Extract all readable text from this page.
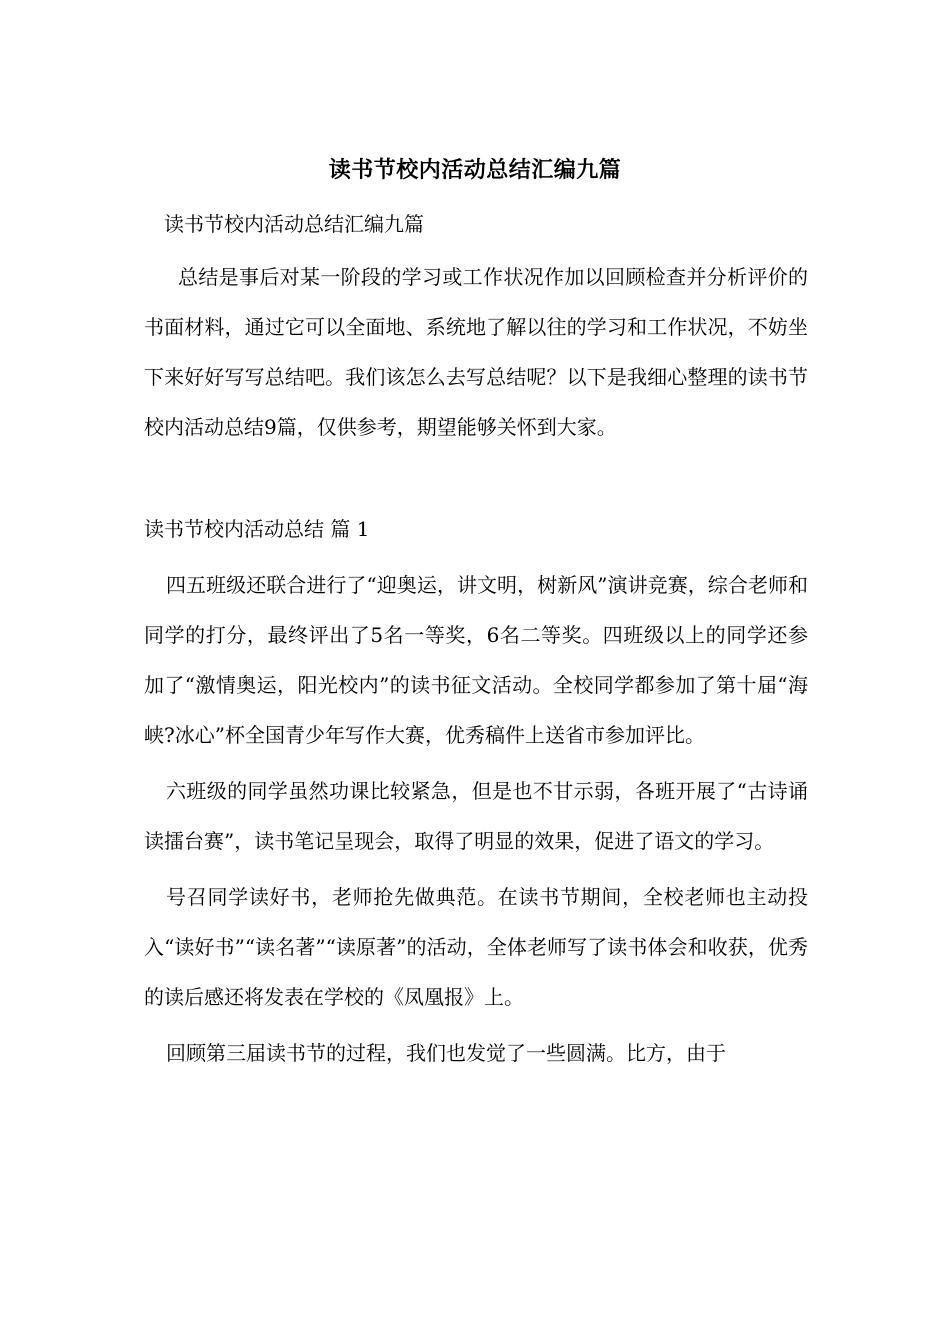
读书节校内活动总结汇编九篇

读书节校内活动总结汇编九篇

总结是事后对某一阶段的学习或工作状况作加以回顾检查并分析评价的书面材料，通过它可以全面地、系统地了解以往的学习和工作状况，不妨坐下来好好写写总结吧。我们该怎么去写总结呢？以下是我细心整理的读书节校内活动总结9篇，仅供参考，期望能够关怀到大家。

读书节校内活动总结 篇 1

四五班级还联合进行了“迎奥运，讲文明，树新风”演讲竞赛，综合老师和同学的打分，最终评出了5名一等奖，6名二等奖。四班级以上的同学还参加了“激情奥运，阳光校内”的读书征文活动。全校同学都参加了第十届“海峡?冰心”杯全国青少年写作大赛，优秀稿件上送省市参加评比。

六班级的同学虽然功课比较紧急，但是也不甘示弱，各班开展了“古诗诵读擂台赛”，读书笔记呈现会，取得了明显的效果，促进了语文的学习。

号召同学读好书，老师抢先做典范。在读书节期间，全校老师也主动投入“读好书”“读名著”“读原著”的活动，全体老师写了读书体会和收获，优秀的读后感还将发表在学校的《凤凰报》上。

回顾第三届读书节的过程，我们也发觉了一些圆满。比方，由于
